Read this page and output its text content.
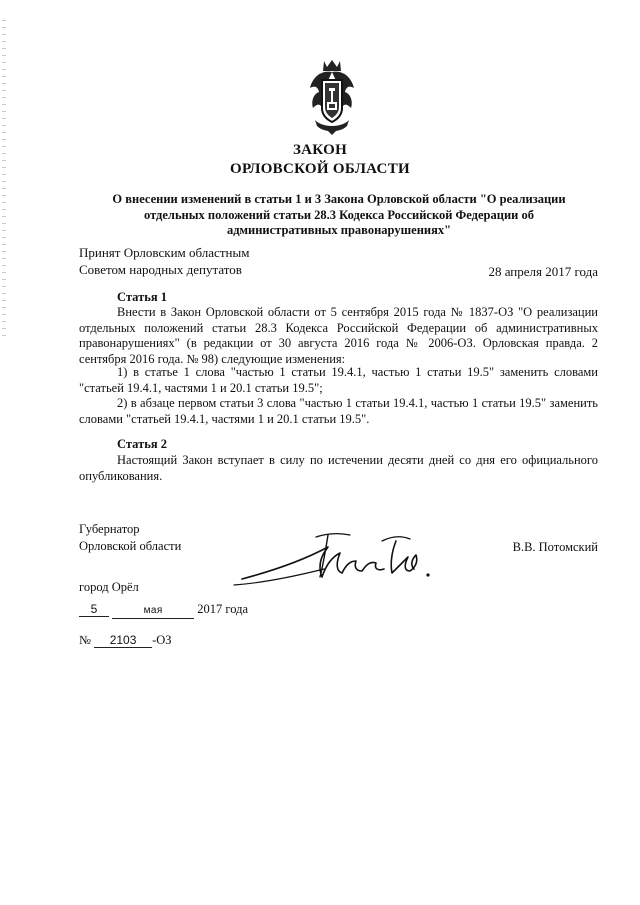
ЗАКОН
ОРЛОВСКОЙ ОБЛАСТИ
О внесении изменений в статьи 1 и 3 Закона Орловской области "О реализации отдельных положений статьи 28.3 Кодекса Российской Федерации об административных правонарушениях"
Принят Орловским областным
Советом народных депутатов	28 апреля 2017 года
Статья 1

Внести в Закон Орловской области от 5 сентября 2015 года № 1837-ОЗ "О реализации отдельных положений статьи 28.3 Кодекса Российской Федерации об административных правонарушениях" (в редакции от 30 августа 2016 года № 2006-ОЗ. Орловская правда. 2 сентября 2016 года. № 98) следующие изменения:

1) в статье 1 слова "частью 1 статьи 19.4.1, частью 1 статьи 19.5" заменить словами "статьей 19.4.1, частями 1 и 20.1 статьи 19.5";

2) в абзаце первом статьи 3 слова "частью 1 статьи 19.4.1, частью 1 статьи 19.5" заменить словами "статьей 19.4.1, частями 1 и 20.1 статьи 19.5".

Статья 2

Настоящий Закон вступает в силу по истечении десяти дней со дня его официального опубликования.

Губернатор
Орловской области	В.В. Потомский
город Орёл
5	мая	2017 года
№ 2103 -ОЗ
